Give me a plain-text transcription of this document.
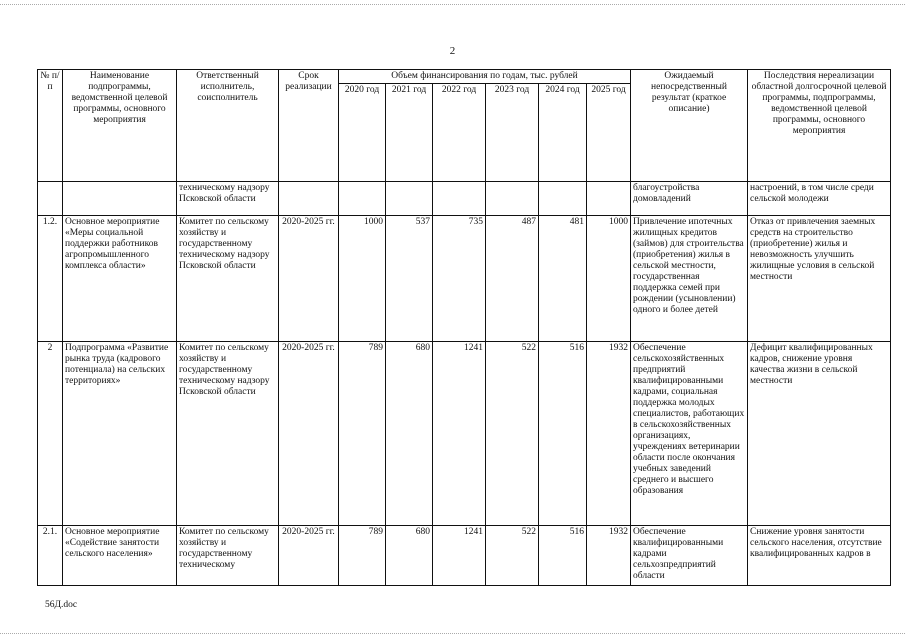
2
№ п/п	Наименование подпрограммы, ведомственной целевой программы, основного мероприятия	Ответственный исполнитель, соисполнитель	Срок реализации	Объем финансирования по годам, тыс. рублей						Ожидаемый непосредственный результат (краткое описание)	Последствия нереализации областной долгосрочной целевой программы, подпрограммы, ведомственной целевой программы, основного мероприятия
				2020 год	2021 год	2022 год	2023 год	2024 год	2025 год		
		техническому надзору Псковской области								благоустройства домовладений	настроений, в том числе среди сельской молодежи
1.2.	Основное мероприятие «Меры социальной поддержки работников агропромышленного комплекса области»	Комитет по сельскому хозяйству и государственному техническому надзору Псковской области	2020-2025 гг.	1000	537	735	487	481	1000	Привлечение ипотечных жилищных кредитов (займов) для строительства (приобретения) жилья в сельской местности, государственная поддержка семей при рождении (усыновлении) одного и более детей	Отказ от привлечения заемных средств на строительство (приобретение) жилья и невозможность улучшить жилищные условия в сельской местности
2	Подпрограмма «Развитие рынка труда (кадрового потенциала) на сельских территориях»	Комитет по сельскому хозяйству и государственному техническому надзору Псковской области	2020-2025 гг.	789	680	1241	522	516	1932	Обеспечение сельскохозяйственных предприятий квалифицированными кадрами, социальная поддержка молодых специалистов, работающих в сельскохозяйственных организациях, учреждениях ветеринарии области после окончания учебных заведений среднего и высшего образования	Дефицит квалифицированных кадров, снижение уровня качества жизни в сельской местности
2.1.	Основное мероприятие «Содействие занятости сельского населения»	Комитет по сельскому хозяйству и государственному техническому	2020-2025 гг.	789	680	1241	522	516	1932	Обеспечение квалифицированными кадрами сельхозпредприятий области	Снижение уровня занятости сельского населения, отсутствие квалифицированных кадров в
56Д.doc
